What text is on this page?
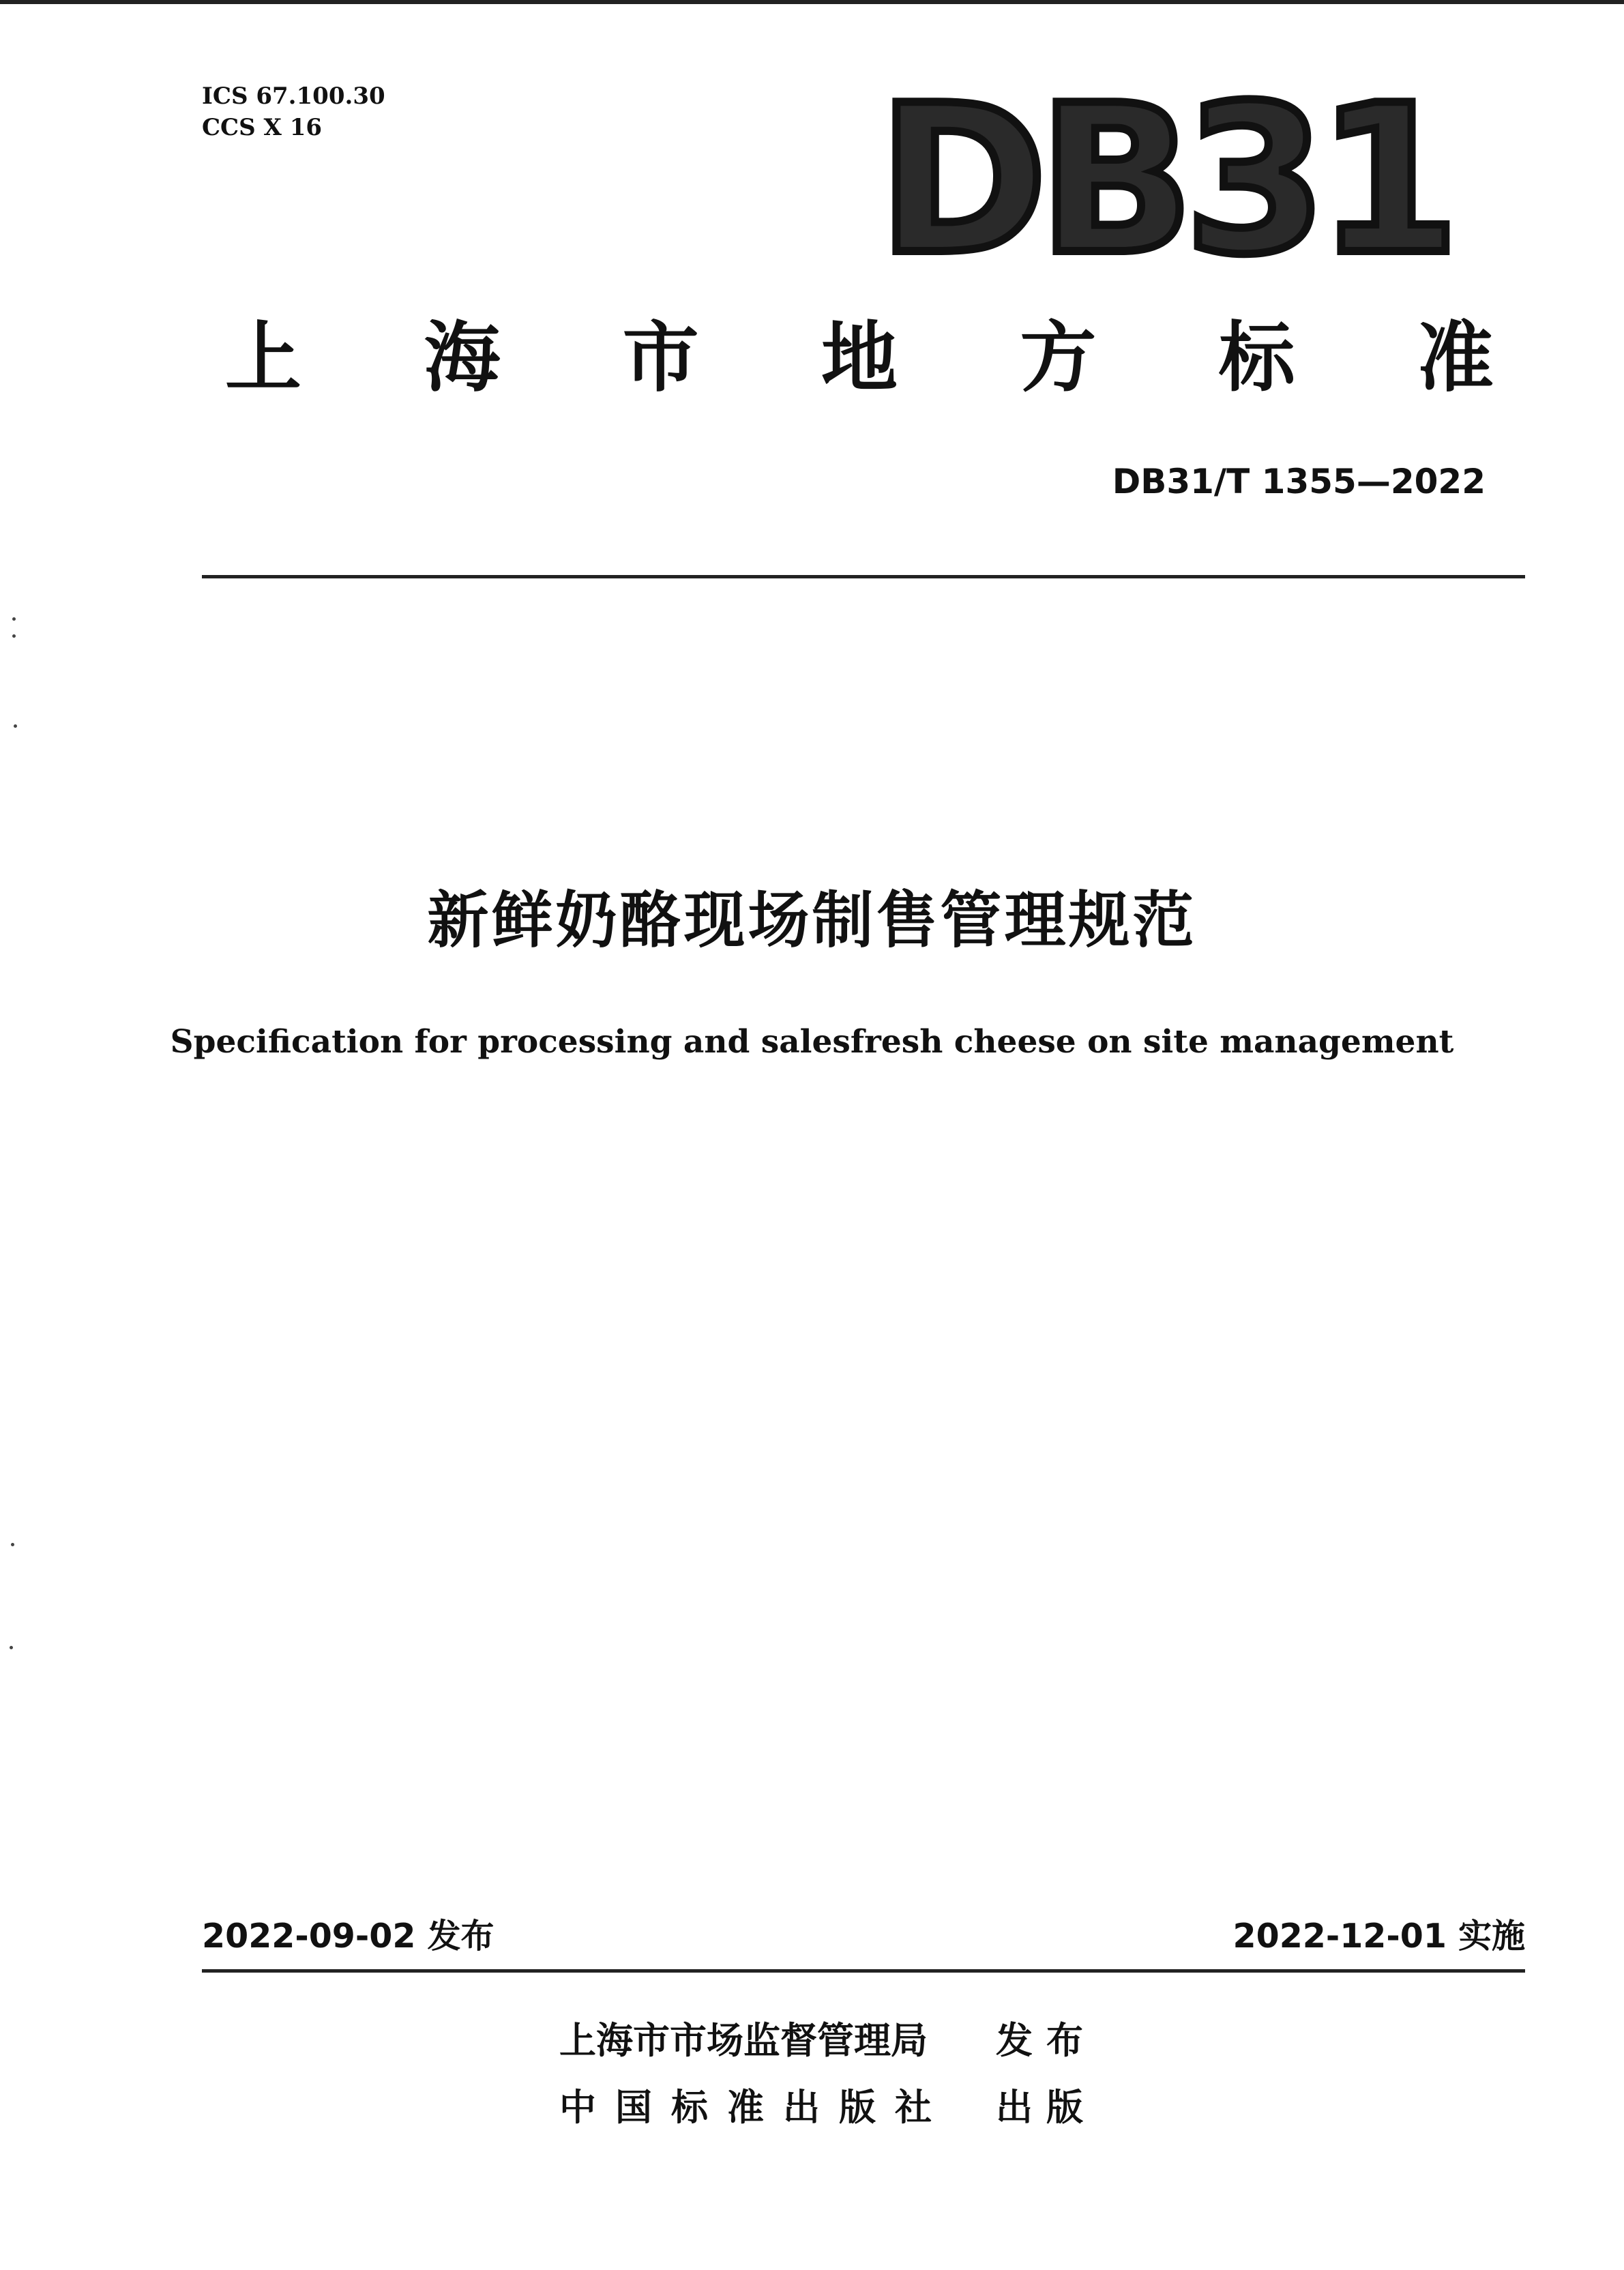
ICS 67.100.30
CCS X 16	DB31
上 海 市 地 方 标 准
DB31/T 1355—2022
新鲜奶酪现场制售管理规范
Specification for processing and salesfresh cheese on site management
2022-09-02 发布	2022-12-01 实施
上海市市场监督管理局	发布
中国标准出版社	出版
